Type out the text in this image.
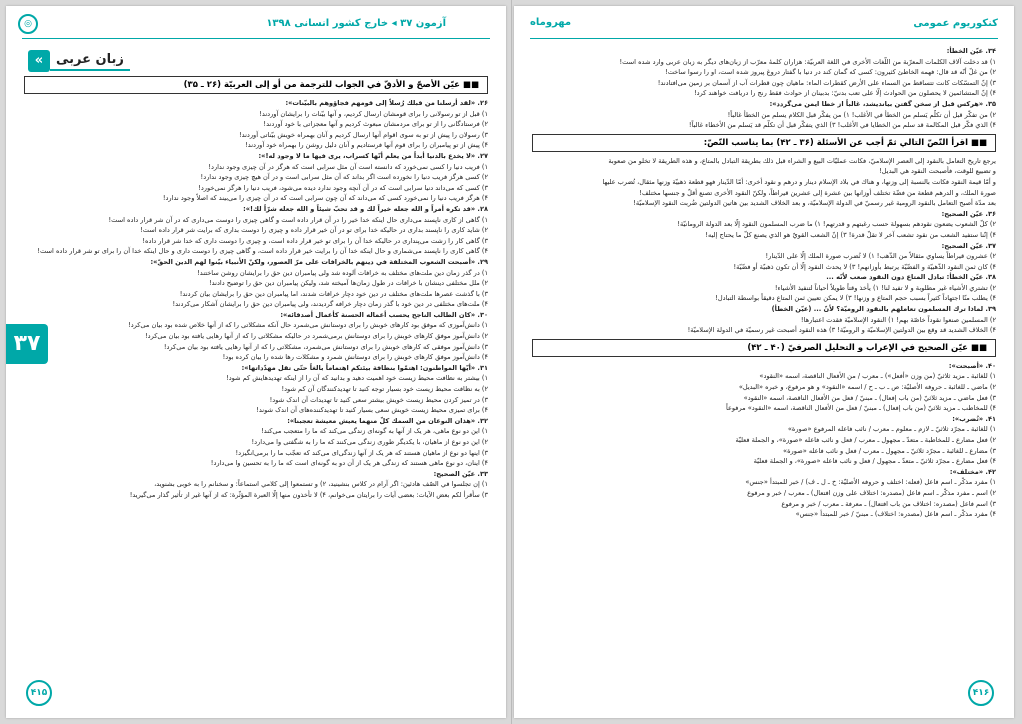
آزمون ۳۷ ◂ خارج کشور انسانی ۱۳۹۸
◎
زبان عربی
»
■■ عيّن الأصحّ و الأدقّ في الجواب للترجمة من أو إلى العربيّة (۲۶ ـ ۳۵)
۲۶. «لقد أرسلنا من قبلك رُسلاً إلى قومهم فجاؤوهم بالبيّنات»:
۱) قبل از تو رسولانی را برای قومشان ارسال کردیم، و آنها بیّنات را برایشان آوردند!
۲) فرستادگانی را از تو برای مردمشان مبعوث کردیم و آنها معجزاتی با خود آوردند!
۳) رسولان را پیش از تو به سوی اقوام آنها ارسال کردیم و آنان بهمراه خویش بیّناتی آوردند!
۴) پیش از تو پیامبران را برای قوم آنها فرستادیم و آنان دلیل روشن را بهمراه خود آوردند!
۲۷. «لا يخدع بالدنيا أبداً من يعلم أنّها كسراب، يرى فيها ما لا وجود له!»:
۱) فریب دنیا را کسی نمی‌خورد که دانسته است آن مثل سرابی است که هرگز در آن چیزی وجود ندارد!
۲) کسی هرگز فریب دنیا را نخورده است اگر بداند که آن مثل سرابی است و در آن هیچ چیزی وجود ندارد!
۳) کسی که می‌داند دنیا سرابی است که در آن آنچه وجود ندارد دیده می‌شود، فریب دنیا را هرگز نمی‌خورد!
۴) هرگز فریب دنیا را نمی‌خورد کسی که می‌داند که آن چون سرابی است که در آن چیزی را می‌بیند که اصلاً وجود ندارد!
۲۸. «قد تكره أمراً و الله جعله خيراً لك و قد تحبّ شيئاً و الله جعله شرّاً لك!»:
۱) گاهی از کاری ناپسند می‌داری حال اینکه خدا خیر را در آن قرار داده است و گاهی چیزی را دوست می‌داری که در آن شر قرار داده است!
۲) شاید کاری را ناپسند بداری در حالیکه خدا برای تو در آن خیر قرار داده و چیزی را دوست بداری که برایت شر قرار داده است!
۳) گاهی کار را زشت می‌پنداری در حالیکه خدا آن را برای تو خیر قرار داده است، و چیزی را دوست داری که خدا شر قرار داده!
۴) گاهی کاری را ناپسند می‌شماری و حال اینکه خدا آن را برایت خیر قرار داده است، و گاهی چیزی را دوست داری و حال اینکه خدا آن را برای تو شر قرار داده است!
۲۹. «أصبحت الشعوب المختلفة في دينهم بالخرافات على مرّ العصور، ولكنّ الأنبياء بيّنوا لهم الدين الحقّ»:
۱) در گذر زمان دین ملت‌های مختلف به خرافات آلوده شد ولی پیامبران دین حق را برایشان روشن ساختند!
۲) ملل مختلفی دینشان با خرافات در طول زمان‌ها آمیخته شد، ولیکن پیامبران دین حق را توضیح دادند!
۳) با گذشت عصرها ملت‌های مختلف در دین خود دچار خرافات شدند، اما پیامبران دین حق را برایشان بیان کردند!
۴) ملت‌های مختلفی در دین خود با گذر زمان دچار خرافه گردیدند، ولی پیامبران دین حق را برایشان آشکار می‌کردند!
۳۰. «كان الطالب الناجح يحسب أعماله الحسنة كأعمال أصدقائه»:
۱) دانش‌آموزی که موفق بود کارهای خوبش را برای دوستانش می‌شمرد حال آنکه مشکلاتی را که از آنها خلاص شده بود بیان می‌کرد!
۲) دانش‌آموز موفق کارهای خوبش را برای دوستانش برمی‌شمرد در حالیکه مشکلاتی را که از آنها رهایی یافته بود بیان می‌کرد!
۳) دانش‌آموز موفقی که کارهای خوبش را برای دوستانش می‌شمرد، مشکلاتی را که از آنها رهایی یافته بود بیان می‌کرد!
۴) دانش‌آموز موفق کارهای خوبش را برای دوستانش شمرد و مشکلات رها شده را بیان کرده بود!
۳۱. «أيّها المواطنون: اهتمّوا بنظافة بيئتكم اهتماماً بالغاً حتّى تقل مهدّداتها»:
۱) بیشتر به نظافت محیط زیست خود اهمیت دهید و بدانید که آن را از اینکه تهدیدهایش کم شود!
۲) به نظافت محیط زیست خود بسیار توجه کنید تا تهدیدکنندگان آن کم شود!
۳) در تمیز کردن محیط زیست خویش بیشتر سعی کنید تا تهدیدات آن اندک شود!
۴) برای تمیزی محیط زیست خویش سعی بسیار کنید تا تهدیدکننده‌های آن اندک شوند!
۳۲. «هذان النوعان من السمك كلّ منهما يعيش معيشة تعجبنا»:
۱) این دو نوع ماهی، هر یک از آنها به گونه‌ای زندگی می‌کند که ما را متعجب می‌کند!
۲) این دو نوع از ماهیان، با یکدیگر طوری زندگی می‌کنند که ما را به شگفتی وا می‌دارد!
۳) اینها دو نوع از ماهیان هستند که هر یک از آنها زندگی‌ای می‌کند که تعجّب ما را برمی‌انگیزد!
۴) اینان، دو نوع ماهی هستند که زندگی هر یک از آن دو به گونه‌ای است که ما را به تحسین وا می‌دارد!
۳۳. عيّن الصحيح:
۱) إن تجلسوا في الصّف هادئين: اگر آرام در کلاس بنشینید، ۲) و تستمعوا إلى كلامي استماعاً: و سخنانم را به خوبی بشنوید،
۳) سأقرأ لكم بعض الآيات: بعضی آیات را برایتان می‌خوانم، ۴) لا تأخذون منها إلّا العبرة المؤثّرة: که از آنها غیر از تأثیر گذار می‌گیرید!
۳۷
۴۱۵
کنکوریوم عمومی
مهروماه
۳۴. عيّن الخطأ:
۱) قد دخلت آلاف الكلمات المعرّبة من اللّغات الأخرى في اللغة العربيّة: هزاران کلمهٔ معرّب از زبان‌های دیگر به زبان عربی وارد شده است!
۲) من غلّ أنّه قد قال: فهمه الخاطئ كثيرون: کسی که گمان کند در دنیا با گفتار دروغ پیروز شده است، او را رسوا ساخت!
۳) إنّ التمسّكات كانت تتساقط من السماء على الأرض كقطرات الماء: ماهیان چون قطرات آب از آسمان بر زمین می‌افتادند!
۴) إنّ المتشائمين لا يحصلون من الحوادث إلّا على تعب بدنيّ: بدبینان از حوادث فقط رنج را دریافت خواهند کرد!
۳۵. «هرکس قبل از سخن گفتن بیاندیشد، غالباً از خطا ایمن می‌گردد»:
۲) من تفكّر قبل أن تكلّم يَسلم من الخطأ في الأغلب! ۱) من يفكّر قبل الكلام يسلم من الخطأ غالباً!
۴) الذي فكّر قبل المكالمة قد سلم من الخطايا في الأغلب! ۳) الذي يتفكّر قبل أن تكلّم قد يَسلم من الأخطاء غالباً!
■■ اقرأ النّصّ التالي ثمّ أجب عن الأسئلة (۳۶ ـ ۴۲) بما يناسب النّصّ:
يرجع تاريخ التعامل بالنقود إلى العصر الإسلاميّ، فكانت عمليّات البيع و الشراء قبل ذلك بطريقة التبادل بالمتاع، و هذه الطريقة لا تخلو من صعوبة
و تضييع للوقت، فأصبحت النقود هي البديل!
و أمّا قيمة النقود فكانت بالنسبة إلى وزنها، و هناك في بلاد الإسلام دينار و درهم و نقود أخرى: أمّا الدّينار فهو قطعة ذهبيّة وزنها مثقال، تُضرب عليها
صورة الملك، و الدرهم قطعة من فضّة تختلف أوزانها بين عشرة إلى عشرين قيراطاً، ولكنّ النقود الأخرى تصنع أقلّ و جنسها مختلف!
بعد مدّة أصبح التعامل بالنقود الرومية غير رسميّ في الدولة الإسلاميّة، و بعد الخلاف الشديد بين هاتين الدولتين ضُربت النقود الإسلاميّة!
۳۶. عيّن الصحيح:
۲) كلّ الشعوب يضعون نقودهم بسهولة حسب رغبتهم و قدرتهم! ۱) ما ضرب المسلمون النقود إلّا بعد الدولة الرومانيّة!
۴) إنّنا ستفيد الشعب من نقود تشعب آخر لا تقلّ قدرة! ۳) إنّ الشعب القويّ هو الذي يصنع كلّ ما يحتاج إليه!
۳۷. عيّن الصحيح:
۲) عشرون قيراطاً يساوي مثقالاً من الذّهب! ۱) لا تُضرب صورة الملك إلّا على الدّينار!
۴) كان ثمن النقود الذّهبيّة و الفضّيّة يرتبط بأوزانهم! ۳) لا يحدث النقود إلّا أن تكون ذهبيّة أو فضّيّة!
۳۸. عيّن الخطأ: تبادل المتاع دون النقود صعب لأنّه ...
۲) تشتري الأشياء غير مطلوبة و لا تفيد لنا! ۱) يأخذ وقتاً طويلاً أحياناً لتنفيذ الأشياء!
۴) يطلب منّا اجتهاداً كثيراً بسبب حجم المتاع و وزنها! ۳) لا يمكن تعيين ثمن المتاع دقيقاً بواسطة التبادل!
۳۹. لماذا ترك المسلمون تعاملهم بالنقود الروميّة؟ لأنّ ... (عيّن الخطأ)
۲) المسلمين صنعوا نقوداً خاصّة بهم! ۱) النقود الإسلاميّة فقدت اعتبارها!
۴) الخلاف الشديد قد وقع بين الدولتين الإسلاميّة و الروميّة! ۳) هذه النقود أصبحت غير رسميّة في الدولة الإسلاميّة!
■■ عيّن الصحيح في الإعراب و التحليل الصرفيّ (۴۰ ـ ۴۲)
۴۰. «أصبحت»:
۱) للغائبة ـ مزيد ثلاثيّ (من وزن «أفعل») ـ معرب / من الأفعال الناقصة، اسمه «النقود»
۲) ماضي ـ للغائبة ـ حروفه الأصليّة: ص ـ ب ـ ح / اسمه «النقود» و هو مرفوع، و خبره «البديل»
۳) فعل ماضي ـ مزيد ثلاثيّ (من باب إفعال) ـ مبنيّ / فعل من الأفعال الناقصة، اسمه «النقود»
۴) للمخاطب ـ مزيد ثلاثيّ (من باب إفعال) ـ مبنيّ / فعل من الأفعال الناقصة، اسمه «النقود» مرفوعاً
۴۱. «تُضرب»:
۱) للغائبة ـ مجرّد ثلاثيّ ـ لازم ـ معلوم ـ معرب / نائب فاعله المرفوع «صورة»
۲) فعل مضارع ـ للمخاطبة ـ متعدّ ـ مجهول ـ معرب / فعل و نائب فاعله «صورة»، و الجملة فعليّة
۳) مضارع ـ للغائبة ـ مجرّد ثلاثيّ ـ مجهول ـ معرب / فعل و نائب فاعله «صورة»
۴) فعل مضارع ـ مجرّد ثلاثيّ ـ متعدّ ـ مجهول / فعل و نائب فاعله «صورة»، و الجملة فعليّة
۴۲. «مختلف»:
۱) مفرد مذكّر ـ اسم فاعل (فعله: اختلف و حروفه الأصليّة: خ ـ ل ـ ف) / خبر للمبتدأ «جنس»
۲) اسم ـ مفرد مذكّر ـ اسم فاعل (مصدره: اختلاف على وزن افتعال) ـ معرب / خبر و مرفوع
۳) اسم فاعل (مصدره: اختلاف من باب افتعال) ـ معرفة ـ معرب / خبر و مرفوع
۴) مفرد مذكّر ـ اسم فاعل (مصدره: اختلاف) ـ مبنيّ / خبر للمبتدأ «جنس»
۴۱۶
